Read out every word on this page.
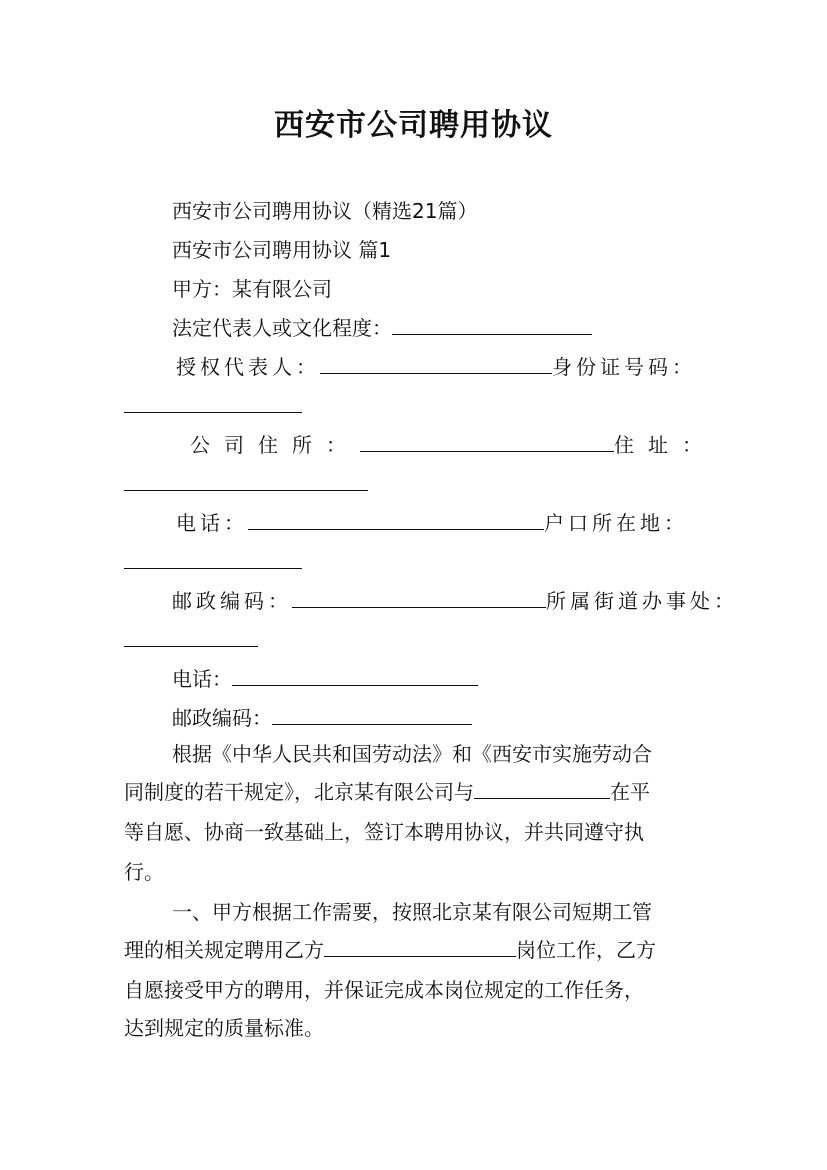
西安市公司聘用协议
西安市公司聘用协议（精选21篇）
西安市公司聘用协议 篇1
甲方：某有限公司
法定代表人或文化程度：
授权代表人：	身份证号码：
公司住所：	住址：
电话：	户口所在地：
邮政编码：	所属街道办事处：
电话：
邮政编码：
根据《中华人民共和国劳动法》和《西安市实施劳动合
同制度的若干规定》，北京某有限公司与	在平
等自愿、协商一致基础上，签订本聘用协议，并共同遵守执
行。
一、甲方根据工作需要，按照北京某有限公司短期工管
理的相关规定聘用乙方	岗位工作，乙方
自愿接受甲方的聘用，并保证完成本岗位规定的工作任务，
达到规定的质量标准。
